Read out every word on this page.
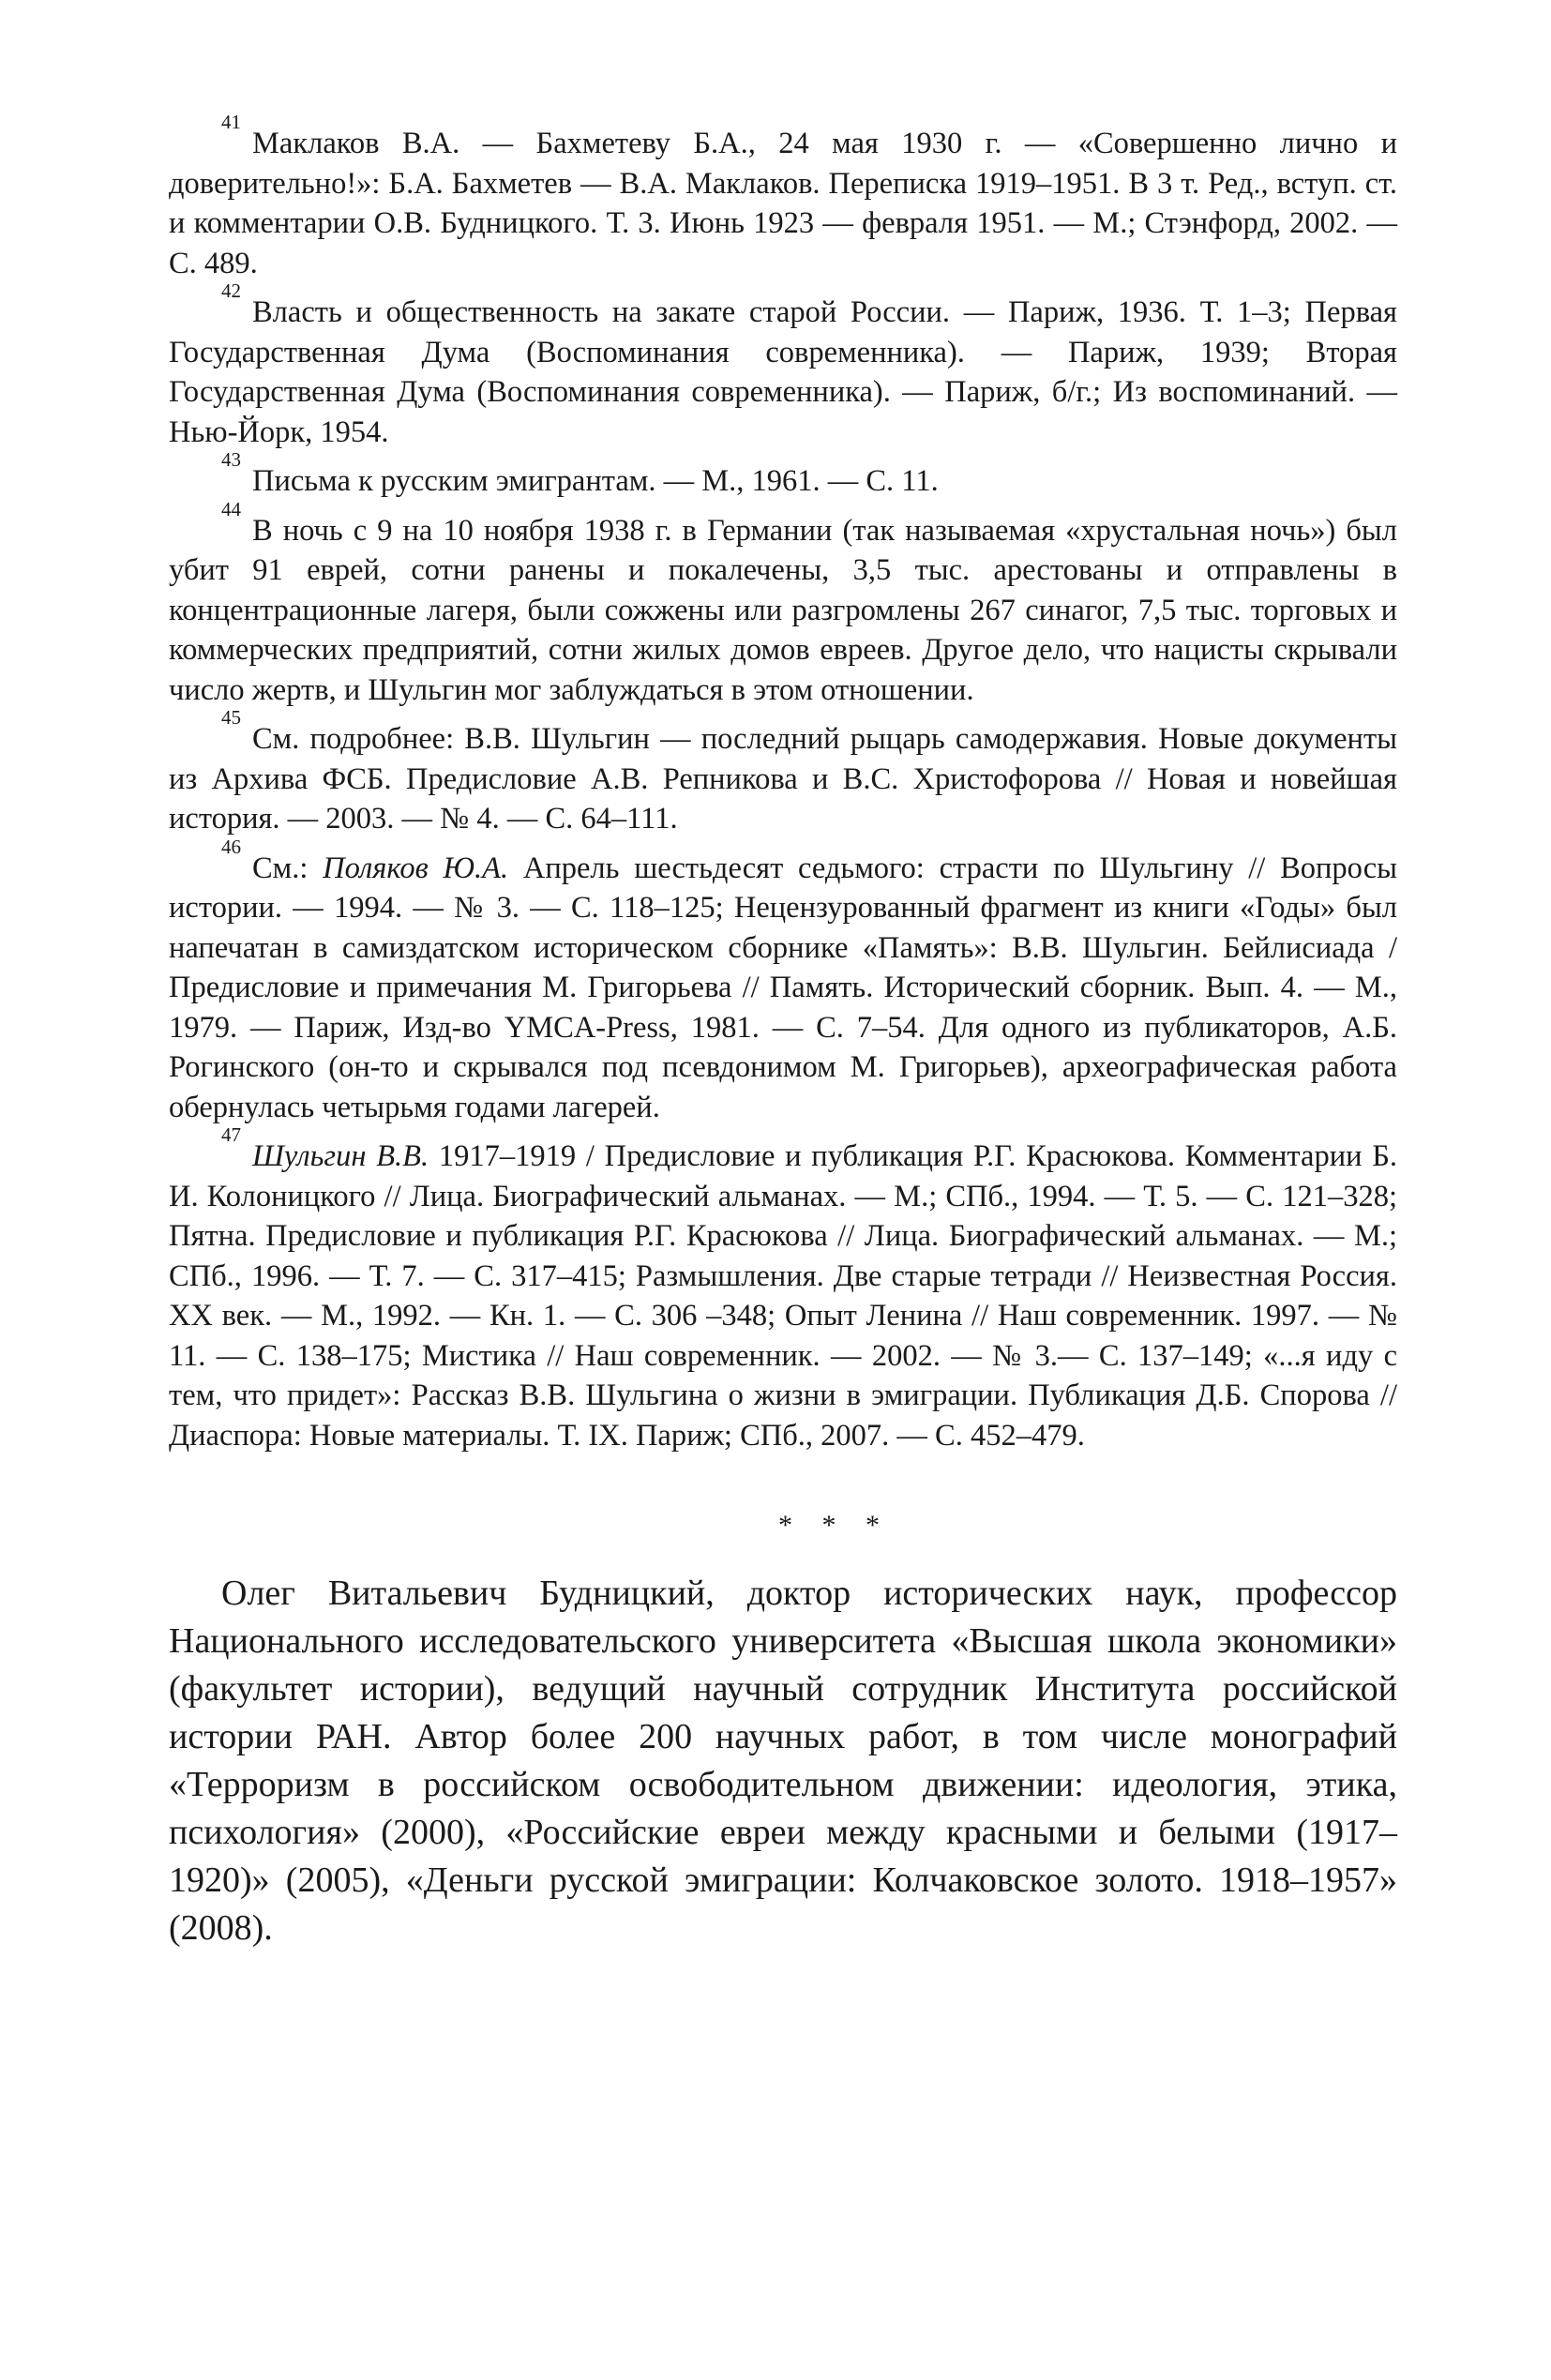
$^{41}$Маклаков В.А. — Бахметеву Б.А., 24 мая 1930 г. — «Совершенно лично и доверительно!»: Б.А. Бахметев — В.А. Маклаков. Переписка 1919–1951. В 3 т. Ред., вступ. ст. и комментарии О.В. Будницкого. Т. 3. Июнь 1923 — февраля 1951. — М.; Стэнфорд, 2002. — С. 489.

$^{42}$Власть и общественность на закате старой России. — Париж, 1936. Т. 1–3; Первая Государственная Дума (Воспоминания современника). — Париж, 1939; Вторая Государственная Дума (Воспоминания современника). — Париж, б/г.; Из воспоминаний. — Нью-Йорк, 1954.

$^{43}$Письма к русским эмигрантам. — М., 1961. — С. 11.

$^{44}$В ночь с 9 на 10 ноября 1938 г. в Германии (так называемая «хрустальная ночь») был убит 91 еврей, сотни ранены и покалечены, 3,5 тыс. арестованы и отправлены в концентрационные лагеря, были сожжены или разгромлены 267 синагог, 7,5 тыс. торговых и коммерческих предприятий, сотни жилых домов евреев. Другое дело, что нацисты скрывали число жертв, и Шульгин мог заблуждаться в этом отношении.

$^{45}$См. подробнее: В.В. Шульгин — последний рыцарь самодержавия. Новые документы из Архива ФСБ. Предисловие А.В. Репникова и В.С. Христофорова // Новая и новейшая история. — 2003. — № 4. — С. 64–111.

$^{46}$См.: Поляков Ю.А. Апрель шестьдесят седьмого: страсти по Шульгину // Вопросы истории. — 1994. — № 3. — С. 118–125; Нецензурованный фрагмент из книги «Годы» был напечатан в самиздатском историческом сборнике «Память»: В.В. Шульгин. Бейлисиада / Предисловие и примечания М. Григорьева // Память. Исторический сборник. Вып. 4. — М., 1979. — Париж, Изд-во YMCA-Press, 1981. — С. 7–54. Для одного из публикаторов, А.Б. Рогинского (он-то и скрывался под псевдонимом М. Григорьев), археографическая работа обернулась четырьмя годами лагерей.

$^{47}$Шульгин В.В. 1917–1919 / Предисловие и публикация Р.Г. Красюкова. Комментарии Б. И. Колоницкого // Лица. Биографический альманах. — М.; СПб., 1994. — Т. 5. — С. 121–328; Пятна. Предисловие и публикация Р.Г. Красюкова // Лица. Биографический альманах. — М.; СПб., 1996. — Т. 7. — С. 317–415; Размышления. Две старые тетради // Неизвестная Россия. XX век. — М., 1992. — Кн. 1. — С. 306 –348; Опыт Ленина // Наш современник. 1997. — № 11. — С. 138–175; Мистика // Наш современник. — 2002. — № 3.— С. 137–149; «...я иду с тем, что придет»: Рассказ В.В. Шульгина о жизни в эмиграции. Публикация Д.Б. Спорова // Диаспора: Новые материалы. Т. IX. Париж; СПб., 2007. — С. 452–479.

* * *

Олег Витальевич Будницкий, доктор исторических наук, профессор Национального исследовательского университета «Высшая школа экономики» (факультет истории), ведущий научный сотрудник Института российской истории РАН. Автор более 200 научных работ, в том числе монографий «Терроризм в российском освободительном движении: идеология, этика, психология» (2000), «Российские евреи между красными и белыми (1917–1920)» (2005), «Деньги русской эмиграции: Колчаковское золото. 1918–1957» (2008).
